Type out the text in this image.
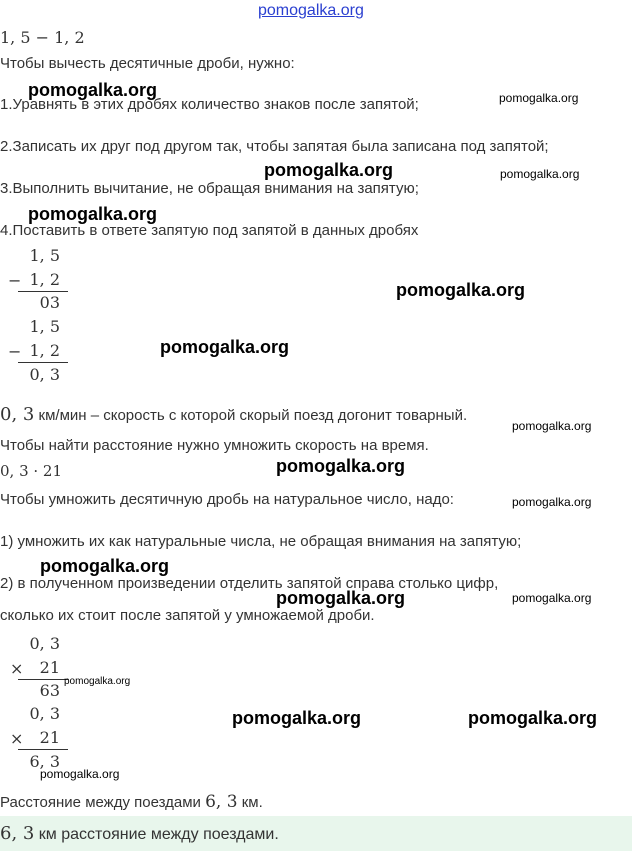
pomogalka.org
1, 5 − 1, 2
Чтобы вычесть десятичные дроби, нужно:
1.Уравнять в этих дробях количество знаков после запятой;
2.Записать их друг под другом так, чтобы запятая была записана под запятой;
3.Выполнить вычитание, не обращая внимания на запятую;
4.Поставить в ответе запятую под запятой в данных дробях
1, 5
− 1, 2
03
1, 5
− 1, 2
0, 3
0, 3 км/мин – скорость с которой скорый поезд догонит товарный.
Чтобы найти расстояние нужно умножить скорость на время.
0, 3 · 21
Чтобы умножить десятичную дробь на натуральное число, надо:
1) умножить их как натуральные числа, не обращая внимания на запятую;
2) в полученном произведении отделить запятой справа столько цифр,
сколько их стоит после запятой у умножаемой дроби.
0, 3
×	21
63
0, 3
×	21
6, 3
Расстояние между поездами 6, 3 км.
6, 3 км расстояние между поездами.
pomogalka.org	pomogalka.org
pomogalka.org	pomogalka.org
pomogalka.org
pomogalka.org
pomogalka.org
pomogalka.org
pomogalka.org
pomogalka.org
pomogalka.org
pomogalka.org	pomogalka.org
pomogalka.org
pomogalka.org	pomogalka.org
pomogalka.org
